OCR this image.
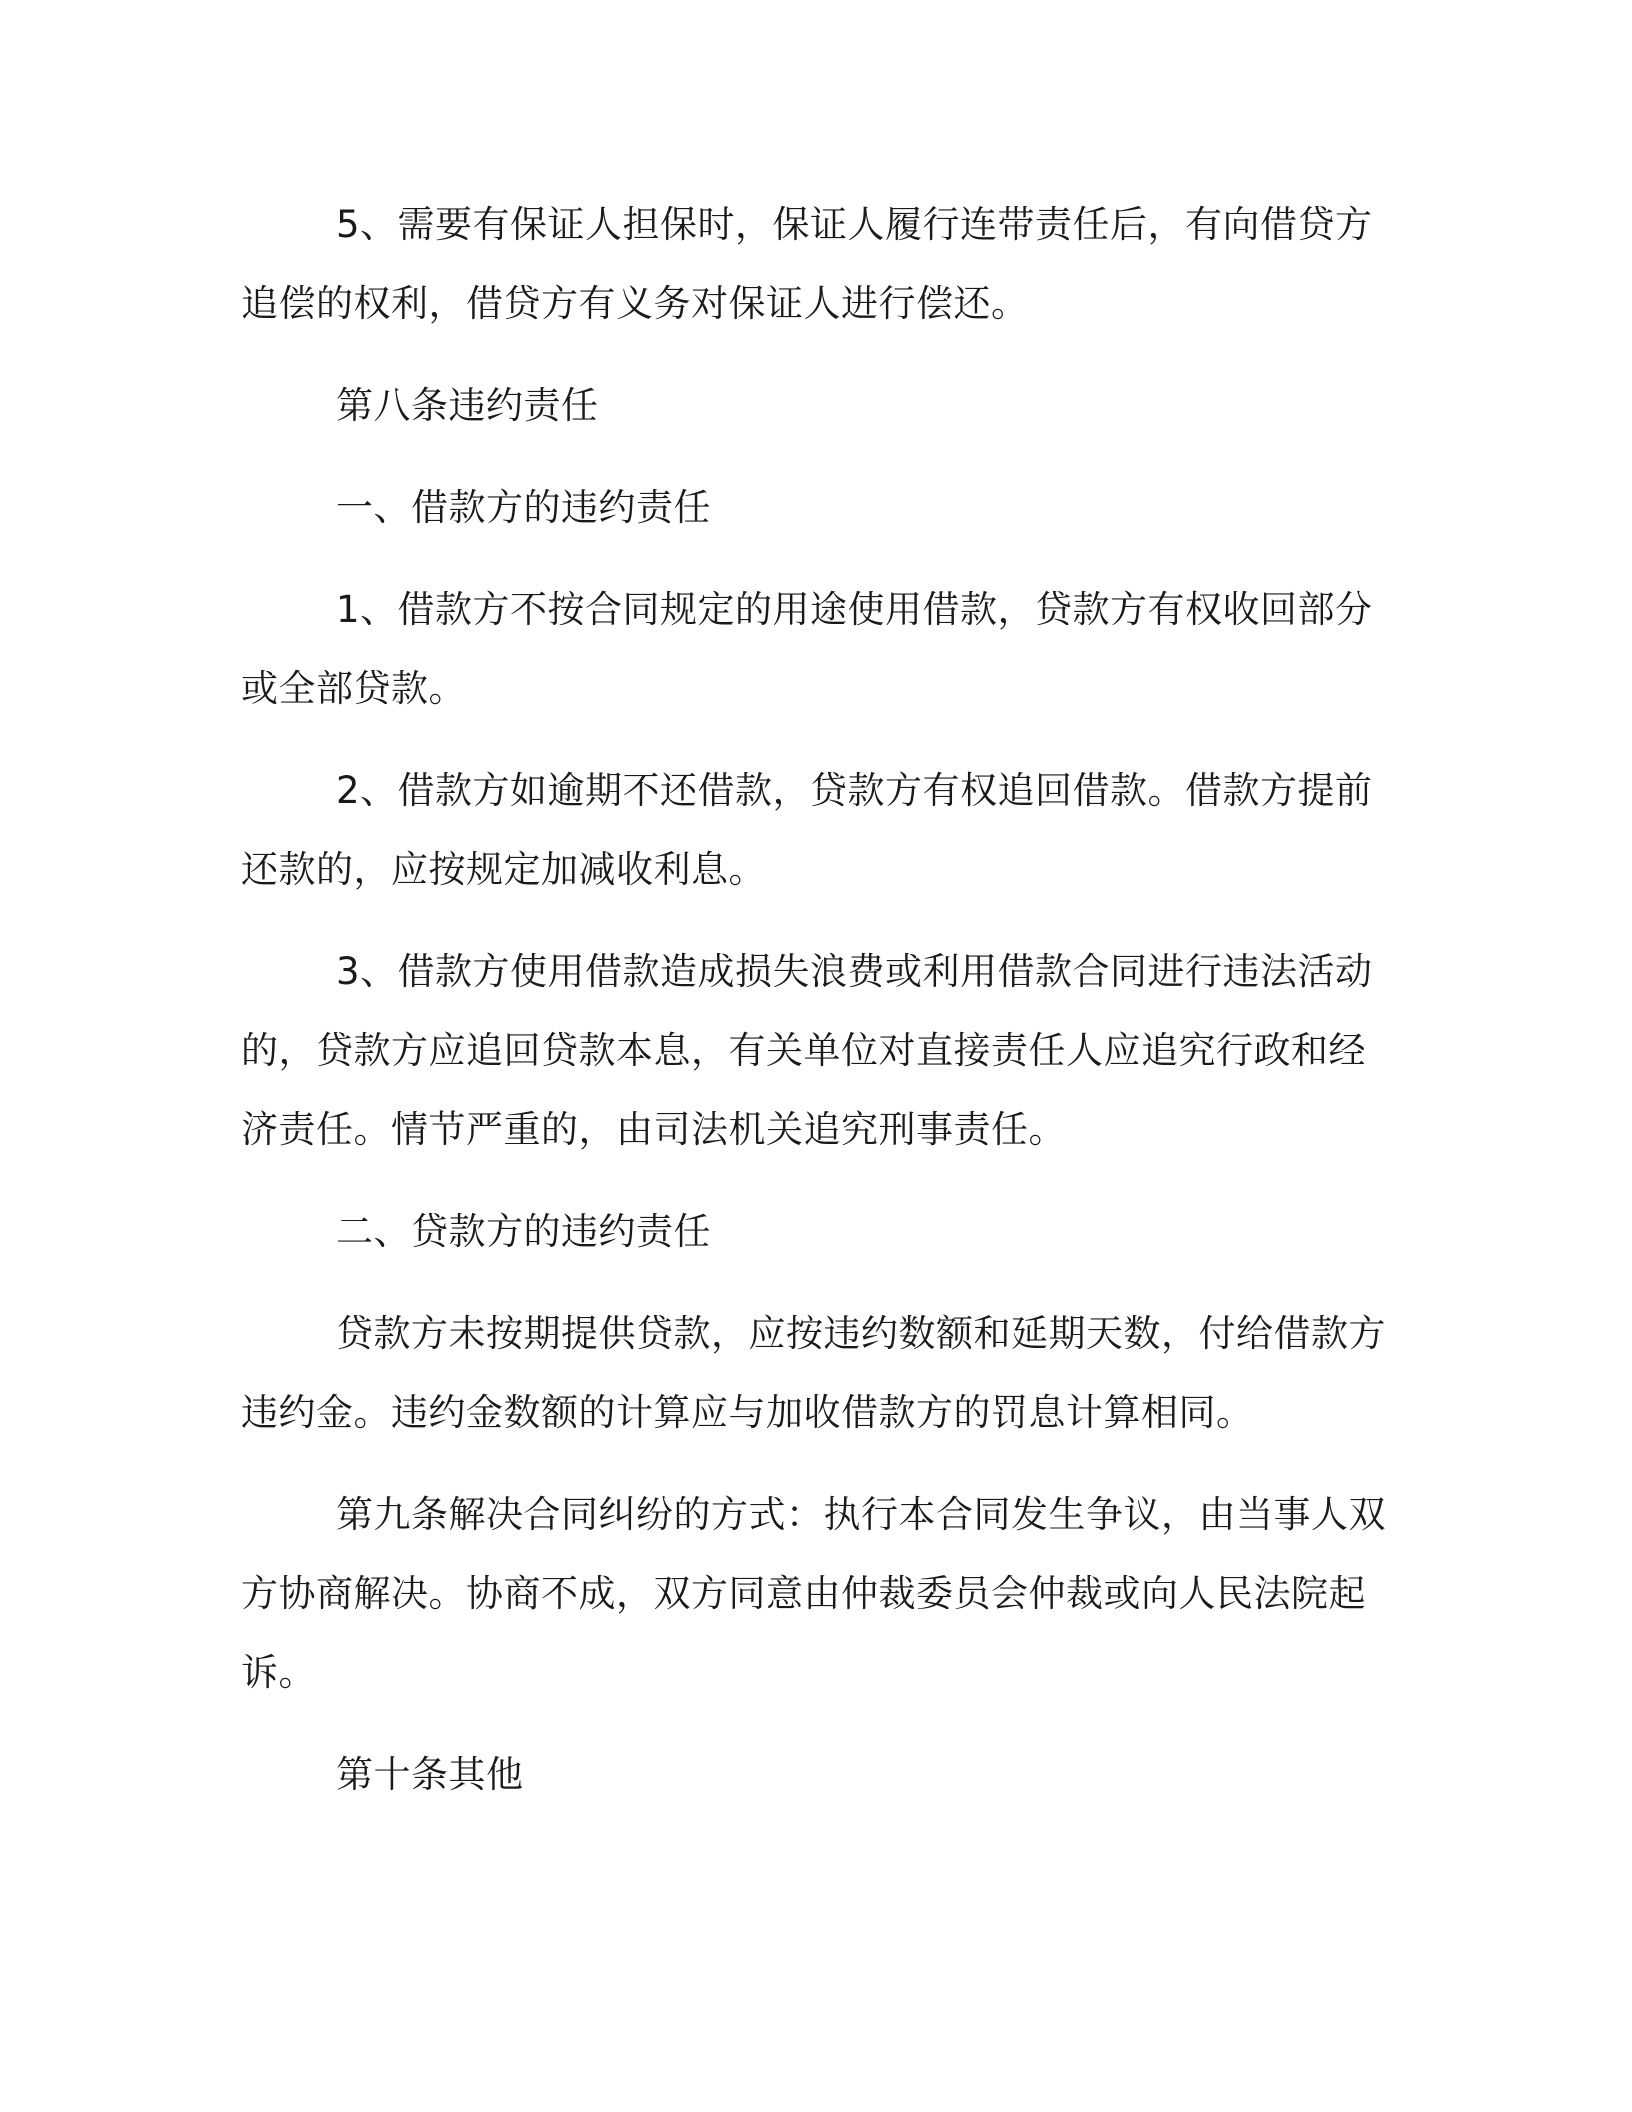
5、需要有保证人担保时，保证人履行连带责任后，有向借贷方追偿的权利，借贷方有义务对保证人进行偿还。

第八条违约责任

一、借款方的违约责任

1、借款方不按合同规定的用途使用借款，贷款方有权收回部分或全部贷款。

2、借款方如逾期不还借款，贷款方有权追回借款。借款方提前还款的，应按规定加减收利息。

3、借款方使用借款造成损失浪费或利用借款合同进行违法活动的，贷款方应追回贷款本息，有关单位对直接责任人应追究行政和经济责任。情节严重的，由司法机关追究刑事责任。

二、贷款方的违约责任

贷款方未按期提供贷款，应按违约数额和延期天数，付给借款方违约金。违约金数额的计算应与加收借款方的罚息计算相同。

第九条解决合同纠纷的方式：执行本合同发生争议，由当事人双方协商解决。协商不成，双方同意由仲裁委员会仲裁或向人民法院起诉。

第十条其他
